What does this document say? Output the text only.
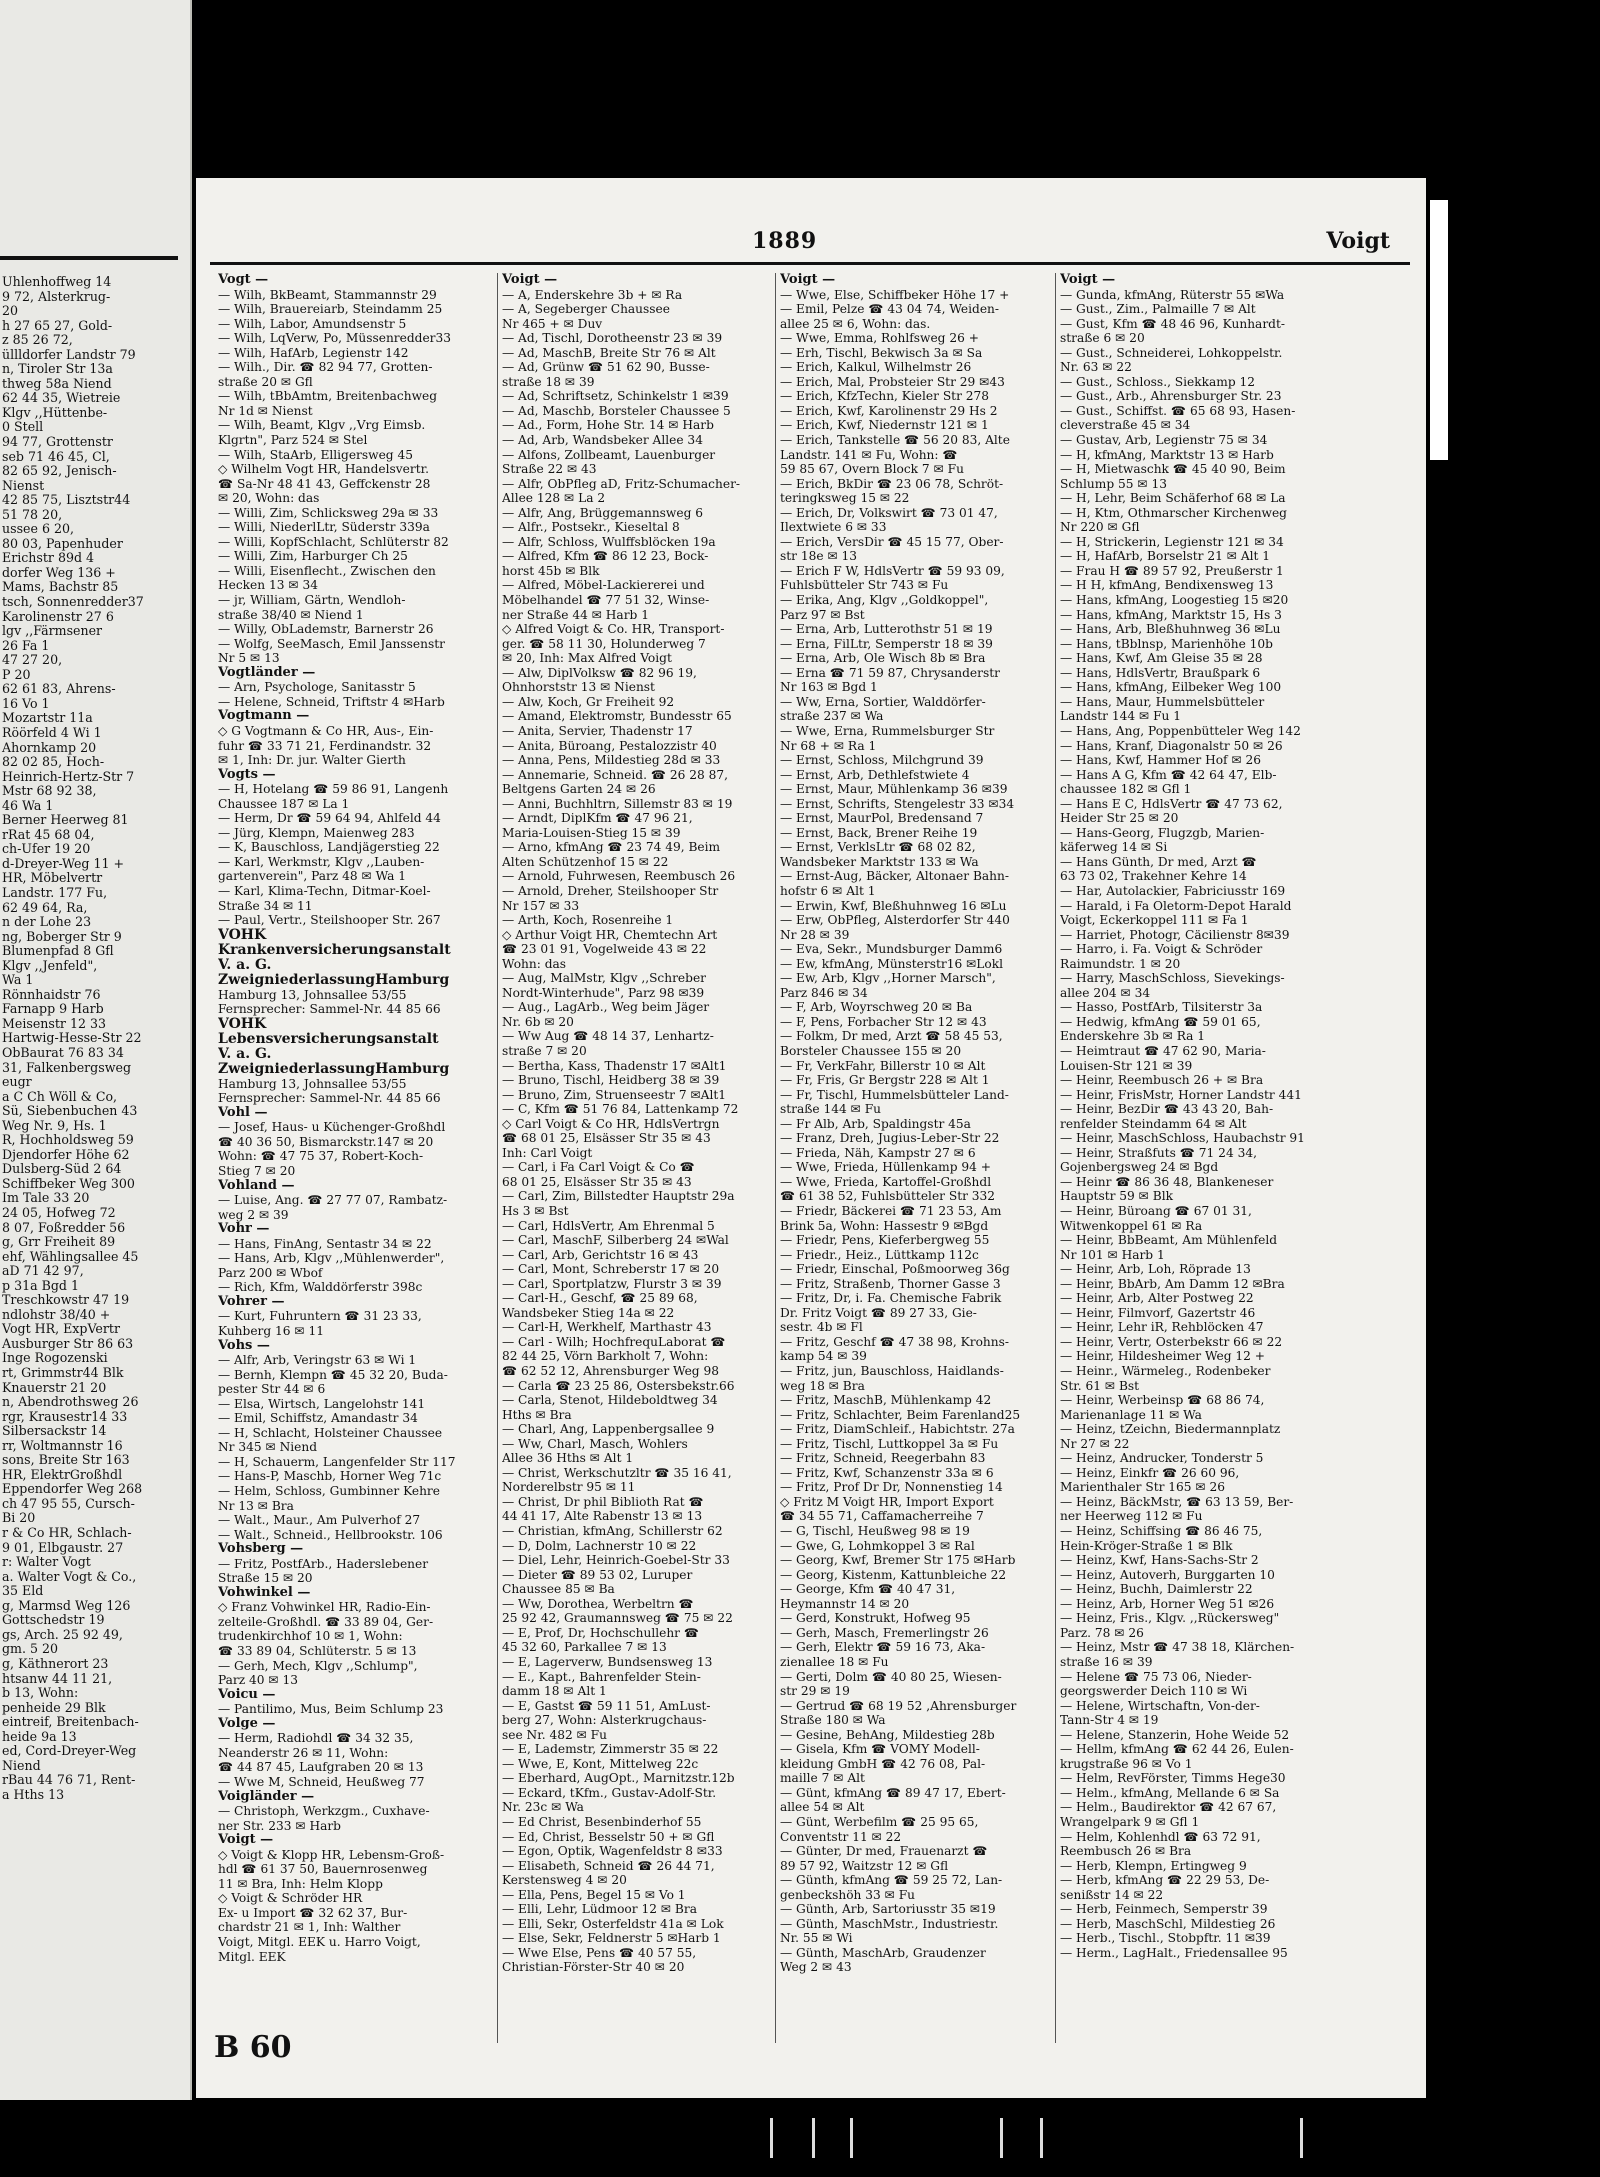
Uhlenhoffweg 14
9 72, Alsterkrug-
20
h 27 65 27, Gold-
z 85 26 72,
üllldorfer Landstr 79
n, Tiroler Str 13a
thweg 58a Niend
62 44 35, Wietreie
Klgv ,,Hüttenbe-
0 Stell
94 77, Grottenstr
seb 71 46 45, Cl,
82 65 92, Jenisch-
Nienst
42 85 75, Lisztstr44
51 78 20,
ussee 6 20,
80 03, Papenhuder
Erichstr 89d 4
dorfer Weg 136 +
Mams, Bachstr 85
tsch, Sonnenredder37
Karolinenstr 27 6
lgv ,,Färmsener
26 Fa 1
47 27 20,
P 20
62 61 83, Ahrens-
16 Vo 1
Mozartstr 11a
Röörfeld 4 Wi 1
Ahornkamp 20
82 02 85, Hoch-
Heinrich-Hertz-Str 7
Mstr 68 92 38,
46 Wa 1
Berner Heerweg 81
rRat 45 68 04,
ch-Ufer 19 20
d-Dreyer-Weg 11 +
HR, Möbelvertr
Landstr. 177 Fu,
62 49 64, Ra,
n der Lohe 23
ng, Boberger Str 9
Blumenpfad 8 Gfl
Klgv ,,Jenfeld",
Wa 1
Rönnhaidstr 76
Farnapp 9 Harb
Meisenstr 12 33
Hartwig-Hesse-Str 22
ObBaurat 76 83 34
31, Falkenbergsweg
eugr
a C Ch Wöll & Co,
Sü, Siebenbuchen 43
Weg Nr. 9, Hs. 1
R, Hochholdsweg 59
Djendorfer Höhe 62
Dulsberg-Süd 2 64
Schiffbeker Weg 300
Im Tale 33 20
24 05, Hofweg 72
8 07, Foßredder 56
g, Grr Freiheit 89
ehf, Wählingsallee 45
aD 71 42 97,
p 31a Bgd 1
Treschkowstr 47 19
ndlohstr 38/40 +
Vogt HR, ExpVertr
Ausburger Str 86 63
Inge Rogozenski
rt, Grimmstr44 Blk
Knauerstr 21 20
n, Abendrothsweg 26
rgr, Krausestr14 33
Silbersackstr 14
rr, Woltmannstr 16
sons, Breite Str 163
HR, ElektrGroßhdl
Eppendorfer Weg 268
ch 47 95 55, Cursch-
Bi 20
r & Co HR, Schlach-
9 01, Elbgaustr. 27
r: Walter Vogt
a. Walter Vogt & Co.,
35 Eld
g, Marmsd Weg 126
Gottschedstr 19
gs, Arch. 25 92 49,
gm. 5 20
g, Käthnerort 23
htsanw 44 11 21,
b 13, Wohn:
penheide 29 Blk
eintreif, Breitenbach-
heide 9a 13
ed, Cord-Dreyer-Weg
Niend
rBau 44 76 71, Rent-
a Hths 13
1889	Voigt
Vogt —
— Wilh, BkBeamt, Stammannstr 29
— Wilh, Brauereiarb, Steindamm 25
— Wilh, Labor, Amundsenstr 5
— Wilh, LqVerw, Po, Müssenredder33
— Wilh, HafArb, Legienstr 142
— Wilh., Dir. ☎ 82 94 77, Grotten-
straße 20 ✉ Gfl
— Wilh, tBbAmtm, Breitenbachweg
Nr 1d ✉ Nienst
— Wilh, Beamt, Klgv ,,Vrg Eimsb.
Klgrtn", Parz 524 ✉ Stel
— Wilh, StaArb, Elligersweg 45
◇ Wilhelm Vogt HR, Handelsvertr.
☎ Sa-Nr 48 41 43, Geffckenstr 28
✉ 20, Wohn: das
— Willi, Zim, Schlicksweg 29a ✉ 33
— Willi, NiederlLtr, Süderstr 339a
— Willi, KopfSchlacht, Schlüterstr 82
— Willi, Zim, Harburger Ch 25
— Willi, Eisenflecht., Zwischen den
Hecken 13 ✉ 34
— jr, William, Gärtn, Wendloh-
straße 38/40 ✉ Niend 1
— Willy, ObLademstr, Barnerstr 26
— Wolfg, SeeMasch, Emil Janssenstr
Nr 5 ✉ 13
Vogtländer —
— Arn, Psychologe, Sanitasstr 5
— Helene, Schneid, Triftstr 4 ✉Harb
Vogtmann —
◇ G Vogtmann & Co HR, Aus-, Ein-
fuhr ☎ 33 71 21, Ferdinandstr. 32
✉ 1, Inh: Dr. jur. Walter Gierth
Vogts —
— H, Hotelang ☎ 59 86 91, Langenh
Chaussee 187 ✉ La 1
— Herm, Dr ☎ 59 64 94, Ahlfeld 44
— Jürg, Klempn, Maienweg 283
— K, Bauschloss, Landjägerstieg 22
— Karl, Werkmstr, Klgv ,,Lauben-
gartenverein", Parz 48 ✉ Wa 1
— Karl, Klima-Techn, Ditmar-Koel-
Straße 34 ✉ 11
— Paul, Vertr., Steilshooper Str. 267
VOHK
Krankenversicherungsanstalt
V. a. G.
ZweigniederlassungHamburg
Hamburg 13, Johnsallee 53/55
Fernsprecher: Sammel-Nr. 44 85 66
VOHK
Lebensversicherungsanstalt
V. a. G.
ZweigniederlassungHamburg
Hamburg 13, Johnsallee 53/55
Fernsprecher: Sammel-Nr. 44 85 66
Vohl —
— Josef, Haus- u Küchenger-Großhdl
☎ 40 36 50, Bismarckstr.147 ✉ 20
Wohn: ☎ 47 75 37, Robert-Koch-
Stieg 7 ✉ 20
Vohland —
— Luise, Ang. ☎ 27 77 07, Rambatz-
weg 2 ✉ 39
Vohr —
— Hans, FinAng, Sentastr 34 ✉ 22
— Hans, Arb, Klgv ,,Mühlenwerder",
Parz 200 ✉ Wbof
— Rich, Kfm, Walddörferstr 398c
Vohrer —
— Kurt, Fuhruntern ☎ 31 23 33,
Kuhberg 16 ✉ 11
Vohs —
— Alfr, Arb, Veringstr 63 ✉ Wi 1
— Bernh, Klempn ☎ 45 32 20, Buda-
pester Str 44 ✉ 6
— Elsa, Wirtsch, Langelohstr 141
— Emil, Schiffstz, Amandastr 34
— H, Schlacht, Holsteiner Chaussee
Nr 345 ✉ Niend
— H, Schauerm, Langenfelder Str 117
— Hans-P, Maschb, Horner Weg 71c
— Helm, Schloss, Gumbinner Kehre
Nr 13 ✉ Bra
— Walt., Maur., Am Pulverhof 27
— Walt., Schneid., Hellbrookstr. 106
Vohsberg —
— Fritz, PostfArb., Haderslebener
Straße 15 ✉ 20
Vohwinkel —
◇ Franz Vohwinkel HR, Radio-Ein-
zelteile-Großhdl. ☎ 33 89 04, Ger-
trudenkirchhof 10 ✉ 1, Wohn:
☎ 33 89 04, Schlüterstr. 5 ✉ 13
— Gerh, Mech, Klgv ,,Schlump",
Parz 40 ✉ 13
Voicu —
— Pantilimo, Mus, Beim Schlump 23
Volge —
— Herm, Radiohdl ☎ 34 32 35,
Neanderstr 26 ✉ 11, Wohn:
☎ 44 87 45, Laufgraben 20 ✉ 13
— Wwe M, Schneid, Heußweg 77
Voigländer —
— Christoph, Werkzgm., Cuxhave-
ner Str. 233 ✉ Harb
Voigt —
◇ Voigt & Klopp HR, Lebensm-Groß-
hdl ☎ 61 37 50, Bauernrosenweg
11 ✉ Bra, Inh: Helm Klopp
◇ Voigt & Schröder HR
Ex- u Import ☎ 32 62 37, Bur-
chardstr 21 ✉ 1, Inh: Walther
Voigt, Mitgl. EEK u. Harro Voigt,
Mitgl. EEK
Voigt —
— A, Enderskehre 3b + ✉ Ra
— A, Segeberger Chaussee
Nr 465 + ✉ Duv
— Ad, Tischl, Dorotheenstr 23 ✉ 39
— Ad, MaschB, Breite Str 76 ✉ Alt
— Ad, Grünw ☎ 51 62 90, Busse-
straße 18 ✉ 39
— Ad, Schriftsetz, Schinkelstr 1 ✉39
— Ad, Maschb, Borsteler Chaussee 5
— Ad., Form, Hohe Str. 14 ✉ Harb
— Ad, Arb, Wandsbeker Allee 34
— Alfons, Zollbeamt, Lauenburger
Straße 22 ✉ 43
— Alfr, ObPfleg aD, Fritz-Schumacher-
Allee 128 ✉ La 2
— Alfr, Ang, Brüggemannsweg 6
— Alfr., Postsekr., Kieseltal 8
— Alfr, Schloss, Wulffsblöcken 19a
— Alfred, Kfm ☎ 86 12 23, Bock-
horst 45b ✉ Blk
— Alfred, Möbel-Lackiererei und
Möbelhandel ☎ 77 51 32, Winse-
ner Straße 44 ✉ Harb 1
◇ Alfred Voigt & Co. HR, Transport-
ger. ☎ 58 11 30, Holunderweg 7
✉ 20, Inh: Max Alfred Voigt
— Alw, DiplVolksw ☎ 82 96 19,
Ohnhorststr 13 ✉ Nienst
— Alw, Koch, Gr Freiheit 92
— Amand, Elektromstr, Bundesstr 65
— Anita, Servier, Thadenstr 17
— Anita, Büroang, Pestalozzistr 40
— Anna, Pens, Mildestieg 28d ✉ 33
— Annemarie, Schneid. ☎ 26 28 87,
Beltgens Garten 24 ✉ 26
— Anni, Buchhltrn, Sillemstr 83 ✉ 19
— Arndt, DiplKfm ☎ 47 96 21,
Maria-Louisen-Stieg 15 ✉ 39
— Arno, kfmAng ☎ 23 74 49, Beim
Alten Schützenhof 15 ✉ 22
— Arnold, Fuhrwesen, Reembusch 26
— Arnold, Dreher, Steilshooper Str
Nr 157 ✉ 33
— Arth, Koch, Rosenreihe 1
◇ Arthur Voigt HR, Chemtechn Art
☎ 23 01 91, Vogelweide 43 ✉ 22
Wohn: das
— Aug, MalMstr, Klgv ,,Schreber
Nordt-Winterhude", Parz 98 ✉39
— Aug., LagArb., Weg beim Jäger
Nr. 6b ✉ 20
— Ww Aug ☎ 48 14 37, Lenhartz-
straße 7 ✉ 20
— Bertha, Kass, Thadenstr 17 ✉Alt1
— Bruno, Tischl, Heidberg 38 ✉ 39
— Bruno, Zim, Struenseestr 7 ✉Alt1
— C, Kfm ☎ 51 76 84, Lattenkamp 72
◇ Carl Voigt & Co HR, HdlsVertrgn
☎ 68 01 25, Elsässer Str 35 ✉ 43
Inh: Carl Voigt
— Carl, i Fa Carl Voigt & Co ☎
68 01 25, Elsässer Str 35 ✉ 43
— Carl, Zim, Billstedter Hauptstr 29a
Hs 3 ✉ Bst
— Carl, HdlsVertr, Am Ehrenmal 5
— Carl, MaschF, Silberberg 24 ✉Wal
— Carl, Arb, Gerichtstr 16 ✉ 43
— Carl, Mont, Schreberstr 17 ✉ 20
— Carl, Sportplatzw, Flurstr 3 ✉ 39
— Carl-H., Geschf, ☎ 25 89 68,
Wandsbeker Stieg 14a ✉ 22
— Carl-H, Werkhelf, Marthastr 43
— Carl - Wilh; HochfrequLaborat ☎
82 44 25, Vörn Barkholt 7, Wohn:
☎ 62 52 12, Ahrensburger Weg 98
— Carla ☎ 23 25 86, Ostersbekstr.66
— Carla, Stenot, Hildeboldtweg 34
Hths ✉ Bra
— Charl, Ang, Lappenbergsallee 9
— Ww, Charl, Masch, Wohlers
Allee 36 Hths ✉ Alt 1
— Christ, Werkschutzltr ☎ 35 16 41,
Norderelbstr 95 ✉ 11
— Christ, Dr phil Biblioth Rat ☎
44 41 17, Alte Rabenstr 13 ✉ 13
— Christian, kfmAng, Schillerstr 62
— D, Dolm, Lachnerstr 10 ✉ 22
— Diel, Lehr, Heinrich-Goebel-Str 33
— Dieter ☎ 89 53 02, Luruper
Chaussee 85 ✉ Ba
— Ww, Dorothea, Werbeltrn ☎
25 92 42, Graumannsweg ☎ 75 ✉ 22
— E, Prof, Dr, Hochschullehr ☎
45 32 60, Parkallee 7 ✉ 13
— E, Lagerverw, Bundsensweg 13
— E., Kapt., Bahrenfelder Stein-
damm 18 ✉ Alt 1
— E, Gastst ☎ 59 11 51, AmLust-
berg 27, Wohn: Alsterkrugchaus-
see Nr. 482 ✉ Fu
— E, Lademstr, Zimmerstr 35 ✉ 22
— Wwe, E, Kont, Mittelweg 22c
— Eberhard, AugOpt., Marnitzstr.12b
— Eckard, tKfm., Gustav-Adolf-Str.
Nr. 23c ✉ Wa
— Ed Christ, Besenbinderhof 55
— Ed, Christ, Besselstr 50 + ✉ Gfl
— Egon, Optik, Wagenfeldstr 8 ✉33
— Elisabeth, Schneid ☎ 26 44 71,
Kerstensweg 4 ✉ 20
— Ella, Pens, Begel 15 ✉ Vo 1
— Elli, Lehr, Lüdmoor 12 ✉ Bra
— Elli, Sekr, Osterfeldstr 41a ✉ Lok
— Else, Sekr, Feldnerstr 5 ✉Harb 1
— Wwe Else, Pens ☎ 40 57 55,
Christian-Förster-Str 40 ✉ 20
Voigt —
— Wwe, Else, Schiffbeker Höhe 17 +
— Emil, Pelze ☎ 43 04 74, Weiden-
allee 25 ✉ 6, Wohn: das.
— Wwe, Emma, Rohlfsweg 26 +
— Erh, Tischl, Bekwisch 3a ✉ Sa
— Erich, Kalkul, Wilhelmstr 26
— Erich, Mal, Probsteier Str 29 ✉43
— Erich, KfzTechn, Kieler Str 278
— Erich, Kwf, Karolinenstr 29 Hs 2
— Erich, Kwf, Niedernstr 121 ✉ 1
— Erich, Tankstelle ☎ 56 20 83, Alte
Landstr. 141 ✉ Fu, Wohn: ☎
59 85 67, Overn Block 7 ✉ Fu
— Erich, BkDir ☎ 23 06 78, Schröt-
teringksweg 15 ✉ 22
— Erich, Dr, Volkswirt ☎ 73 01 47,
Ilextwiete 6 ✉ 33
— Erich, VersDir ☎ 45 15 77, Ober-
str 18e ✉ 13
— Erich F W, HdlsVertr ☎ 59 93 09,
Fuhlsbütteler Str 743 ✉ Fu
— Erika, Ang, Klgv ,,Goldkoppel",
Parz 97 ✉ Bst
— Erna, Arb, Lutterothstr 51 ✉ 19
— Erna, FilLtr, Semperstr 18 ✉ 39
— Erna, Arb, Ole Wisch 8b ✉ Bra
— Erna ☎ 71 59 87, Chrysanderstr
Nr 163 ✉ Bgd 1
— Ww, Erna, Sortier, Walddörfer-
straße 237 ✉ Wa
— Wwe, Erna, Rummelsburger Str
Nr 68 + ✉ Ra 1
— Ernst, Schloss, Milchgrund 39
— Ernst, Arb, Dethlefstwiete 4
— Ernst, Maur, Mühlenkamp 36 ✉39
— Ernst, Schrifts, Stengelestr 33 ✉34
— Ernst, MaurPol, Bredensand 7
— Ernst, Back, Brener Reihe 19
— Ernst, VerklsLtr ☎ 68 02 82,
Wandsbeker Marktstr 133 ✉ Wa
— Ernst-Aug, Bäcker, Altonaer Bahn-
hofstr 6 ✉ Alt 1
— Erwin, Kwf, Bleßhuhnweg 16 ✉Lu
— Erw, ObPfleg, Alsterdorfer Str 440
Nr 28 ✉ 39
— Eva, Sekr., Mundsburger Damm6
— Ew, kfmAng, Münsterstr16 ✉Lokl
— Ew, Arb, Klgv ,,Horner Marsch",
Parz 846 ✉ 34
— F, Arb, Woyrschweg 20 ✉ Ba
— F, Pens, Forbacher Str 12 ✉ 43
— Folkm, Dr med, Arzt ☎ 58 45 53,
Borsteler Chaussee 155 ✉ 20
— Fr, VerkFahr, Billerstr 10 ✉ Alt
— Fr, Fris, Gr Bergstr 228 ✉ Alt 1
— Fr, Tischl, Hummelsbütteler Land-
straße 144 ✉ Fu
— Fr Alb, Arb, Spaldingstr 45a
— Franz, Dreh, Jugius-Leber-Str 22
— Frieda, Näh, Kampstr 27 ✉ 6
— Wwe, Frieda, Hüllenkamp 94 +
— Wwe, Frieda, Kartoffel-Großhdl
☎ 61 38 52, Fuhlsbütteler Str 332
— Friedr, Bäckerei ☎ 71 23 53, Am
Brink 5a, Wohn: Hassestr 9 ✉Bgd
— Friedr, Pens, Kieferbergweg 55
— Friedr., Heiz., Lüttkamp 112c
— Friedr, Einschal, Poßmoorweg 36g
— Fritz, Straßenb, Thorner Gasse 3
— Fritz, Dr, i. Fa. Chemische Fabrik
Dr. Fritz Voigt ☎ 89 27 33, Gie-
sestr. 4b ✉ Fl
— Fritz, Geschf ☎ 47 38 98, Krohns-
kamp 54 ✉ 39
— Fritz, jun, Bauschloss, Haidlands-
weg 18 ✉ Bra
— Fritz, MaschB, Mühlenkamp 42
— Fritz, Schlachter, Beim Farenland25
— Fritz, DiamSchleif., Habichtstr. 27a
— Fritz, Tischl, Luttkoppel 3a ✉ Fu
— Fritz, Schneid, Reegerbahn 83
— Fritz, Kwf, Schanzenstr 33a ✉ 6
— Fritz, Prof Dr Dr, Nonnenstieg 14
◇ Fritz M Voigt HR, Import Export
☎ 34 55 71, Caffamacherreihe 7
— G, Tischl, Heußweg 98 ✉ 19
— Gwe, G, Lohmkoppel 3 ✉ Ral
— Georg, Kwf, Bremer Str 175 ✉Harb
— Georg, Kistenm, Kattunbleiche 22
— George, Kfm ☎ 40 47 31,
Heymannstr 14 ✉ 20
— Gerd, Konstrukt, Hofweg 95
— Gerh, Masch, Fremerlingstr 26
— Gerh, Elektr ☎ 59 16 73, Aka-
zienallee 18 ✉ Fu
— Gerti, Dolm ☎ 40 80 25, Wiesen-
str 29 ✉ 19
— Gertrud ☎ 68 19 52 ,Ahrensburger
Straße 180 ✉ Wa
— Gesine, BehAng, Mildestieg 28b
— Gisela, Kfm ☎ VOMY Modell-
kleidung GmbH ☎ 42 76 08, Pal-
maille 7 ✉ Alt
— Günt, kfmAng ☎ 89 47 17, Ebert-
allee 54 ✉ Alt
— Günt, Werbefilm ☎ 25 95 65,
Conventstr 11 ✉ 22
— Günter, Dr med, Frauenarzt ☎
89 57 92, Waitzstr 12 ✉ Gfl
— Günth, kfmAng ☎ 59 25 72, Lan-
genbeckshöh 33 ✉ Fu
— Günth, Arb, Sartoriusstr 35 ✉19
— Günth, MaschMstr., Industriestr.
Nr. 55 ✉ Wi
— Günth, MaschArb, Graudenzer
Weg 2 ✉ 43
Voigt —
— Gunda, kfmAng, Rüterstr 55 ✉Wa
— Gust., Zim., Palmaille 7 ✉ Alt
— Gust, Kfm ☎ 48 46 96, Kunhardt-
straße 6 ✉ 20
— Gust., Schneiderei, Lohkoppelstr.
Nr. 63 ✉ 22
— Gust., Schloss., Siekkamp 12
— Gust., Arb., Ahrensburger Str. 23
— Gust., Schiffst. ☎ 65 68 93, Hasen-
cleverstraße 45 ✉ 34
— Gustav, Arb, Legienstr 75 ✉ 34
— H, kfmAng, Marktstr 13 ✉ Harb
— H, Mietwaschk ☎ 45 40 90, Beim
Schlump 55 ✉ 13
— H, Lehr, Beim Schäferhof 68 ✉ La
— H, Ktm, Othmarscher Kirchenweg
Nr 220 ✉ Gfl
— H, Strickerin, Legienstr 121 ✉ 34
— H, HafArb, Borselstr 21 ✉ Alt 1
— Frau H ☎ 89 57 92, Preußerstr 1
— H H, kfmAng, Bendixensweg 13
— Hans, kfmAng, Loogestieg 15 ✉20
— Hans, kfmAng, Marktstr 15, Hs 3
— Hans, Arb, Bleßhuhnweg 36 ✉Lu
— Hans, tBblnsp, Marienhöhe 10b
— Hans, Kwf, Am Gleise 35 ✉ 28
— Hans, HdlsVertr, Braußpark 6
— Hans, kfmAng, Eilbeker Weg 100
— Hans, Maur, Hummelsbütteler
Landstr 144 ✉ Fu 1
— Hans, Ang, Poppenbütteler Weg 142
— Hans, Kranf, Diagonalstr 50 ✉ 26
— Hans, Kwf, Hammer Hof ✉ 26
— Hans A G, Kfm ☎ 42 64 47, Elb-
chaussee 182 ✉ Gfl 1
— Hans E C, HdlsVertr ☎ 47 73 62,
Heider Str 25 ✉ 20
— Hans-Georg, Flugzgb, Marien-
käferweg 14 ✉ Si
— Hans Günth, Dr med, Arzt ☎
63 73 02, Trakehner Kehre 14
— Har, Autolackier, Fabriciusstr 169
— Harald, i Fa Oletorm-Depot Harald
Voigt, Eckerkoppel 111 ✉ Fa 1
— Harriet, Photogr, Cäcilienstr 8✉39
— Harro, i. Fa. Voigt & Schröder
Raimundstr. 1 ✉ 20
— Harry, MaschSchloss, Sievekings-
allee 204 ✉ 34
— Hasso, PostfArb, Tilsiterstr 3a
— Hedwig, kfmAng ☎ 59 01 65,
Enderskehre 3b ✉ Ra 1
— Heimtraut ☎ 47 62 90, Maria-
Louisen-Str 121 ✉ 39
— Heinr, Reembusch 26 + ✉ Bra
— Heinr, FrisMstr, Horner Landstr 441
— Heinr, BezDir ☎ 43 43 20, Bah-
renfelder Steindamm 64 ✉ Alt
— Heinr, MaschSchloss, Haubachstr 91
— Heinr, Straßfuts ☎ 71 24 34,
Gojenbergsweg 24 ✉ Bgd
— Heinr ☎ 86 36 48, Blankeneser
Hauptstr 59 ✉ Blk
— Heinr, Büroang ☎ 67 01 31,
Witwenkoppel 61 ✉ Ra
— Heinr, BbBeamt, Am Mühlenfeld
Nr 101 ✉ Harb 1
— Heinr, Arb, Loh, Röprade 13
— Heinr, BbArb, Am Damm 12 ✉Bra
— Heinr, Arb, Alter Postweg 22
— Heinr, Filmvorf, Gazertstr 46
— Heinr, Lehr iR, Rehblöcken 47
— Heinr, Vertr, Osterbekstr 66 ✉ 22
— Heinr, Hildesheimer Weg 12 +
— Heinr., Wärmeleg., Rodenbeker
Str. 61 ✉ Bst
— Heinr, Werbeinsp ☎ 68 86 74,
Marienanlage 11 ✉ Wa
— Heinz, tZeichn, Biedermannplatz
Nr 27 ✉ 22
— Heinz, Andrucker, Tonderstr 5
— Heinz, Einkfr ☎ 26 60 96,
Marienthaler Str 165 ✉ 26
— Heinz, BäckMstr, ☎ 63 13 59, Ber-
ner Heerweg 112 ✉ Fu
— Heinz, Schiffsing ☎ 86 46 75,
Hein-Kröger-Straße 1 ✉ Blk
— Heinz, Kwf, Hans-Sachs-Str 2
— Heinz, Autoverh, Burggarten 10
— Heinz, Buchh, Daimlerstr 22
— Heinz, Arb, Horner Weg 51 ✉26
— Heinz, Fris., Klgv. ,,Rückersweg"
Parz. 78 ✉ 26
— Heinz, Mstr ☎ 47 38 18, Klärchen-
straße 16 ✉ 39
— Helene ☎ 75 73 06, Nieder-
georgswerder Deich 110 ✉ Wi
— Helene, Wirtschaftn, Von-der-
Tann-Str 4 ✉ 19
— Helene, Stanzerin, Hohe Weide 52
— Hellm, kfmAng ☎ 62 44 26, Eulen-
krugstraße 96 ✉ Vo 1
— Helm, RevFörster, Timms Hege30
— Helm., kfmAng, Mellande 6 ✉ Sa
— Helm., Baudirektor ☎ 42 67 67,
Wrangelpark 9 ✉ Gfl 1
— Helm, Kohlenhdl ☎ 63 72 91,
Reembusch 26 ✉ Bra
— Herb, Klempn, Ertingweg 9
— Herb, kfmAng ☎ 22 29 53, De-
senißstr 14 ✉ 22
— Herb, Feinmech, Semperstr 39
— Herb, MaschSchl, Mildestieg 26
— Herb., Tischl., Stobpftr. 11 ✉39
— Herm., LagHalt., Friedensallee 95
B 60
